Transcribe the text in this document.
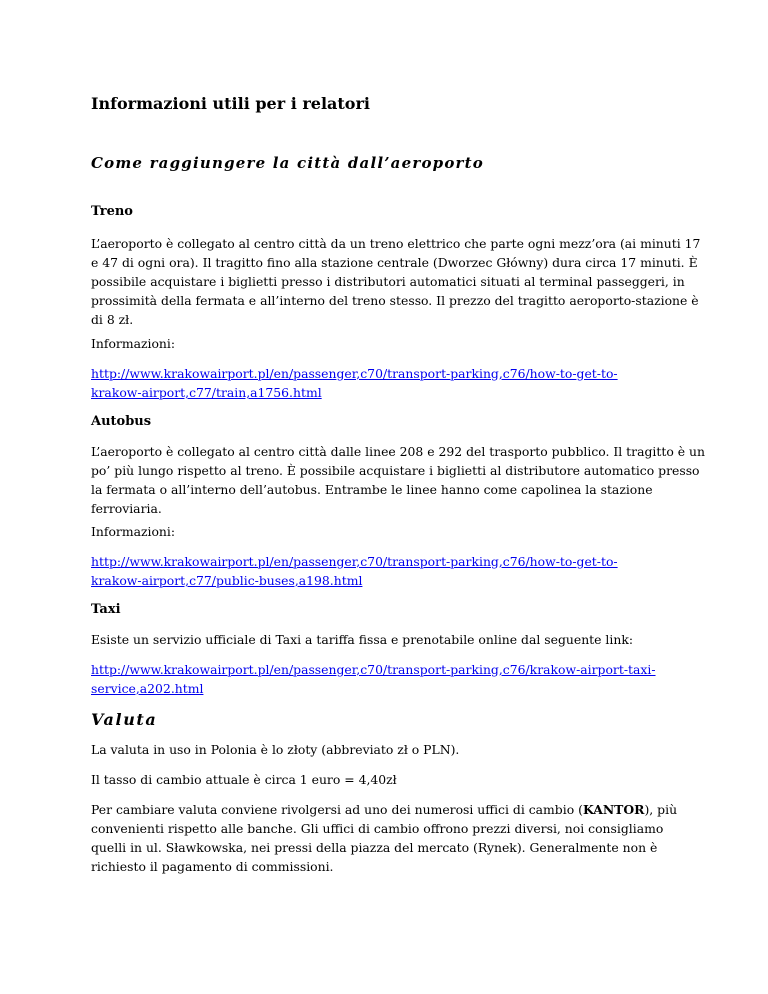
Informazioni utili per i relatori
Come raggiungere la città dall’aeroporto
Treno

L’aeroporto è collegato al centro città da un treno elettrico che parte ogni mezz’ora (ai minuti 17
e 47 di ogni ora). Il tragitto fino alla stazione centrale (Dworzec Główny) dura circa 17 minuti. È
possibile acquistare i biglietti presso i distributori automatici situati al terminal passeggeri, in
prossimità della fermata e all’interno del treno stesso. Il prezzo del tragitto aeroporto-stazione è
di 8 zł.

Informazioni:

http://www.krakowairport.pl/en/passenger,c70/transport-parking,c76/how-to-get-to-
krakow-airport,c77/train,a1756.html

Autobus

L’aeroporto è collegato al centro città dalle linee 208 e 292 del trasporto pubblico. Il tragitto è un
po’ più lungo rispetto al treno. È possibile acquistare i biglietti al distributore automatico presso
la fermata o all’interno dell’autobus. Entrambe le linee hanno come capolinea la stazione
ferroviaria.

Informazioni:

http://www.krakowairport.pl/en/passenger,c70/transport-parking,c76/how-to-get-to-
krakow-airport,c77/public-buses,a198.html

Taxi

Esiste un servizio ufficiale di Taxi a tariffa fissa e prenotabile online dal seguente link:

http://www.krakowairport.pl/en/passenger,c70/transport-parking,c76/krakow-airport-taxi-
service,a202.html

Valuta

La valuta in uso in Polonia è lo złoty (abbreviato zł o PLN).

Il tasso di cambio attuale è circa 1 euro = 4,40zł

Per cambiare valuta conviene rivolgersi ad uno dei numerosi uffici di cambio (KANTOR), più
convenienti rispetto alle banche. Gli uffici di cambio offrono prezzi diversi, noi consigliamo
quelli in ul. Sławkowska, nei pressi della piazza del mercato (Rynek). Generalmente non è
richiesto il pagamento di commissioni.
